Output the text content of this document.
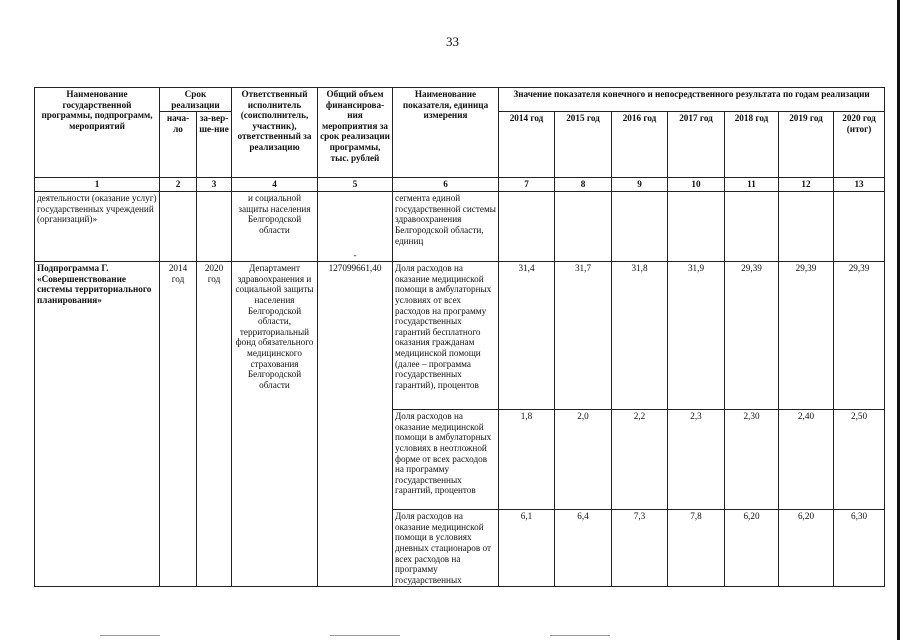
33
Наименование государственной программы, подпрограмм, мероприятий	Срок реализации		Ответственный исполнитель (соисполнитель, участник), ответственный за реализацию	Общий объем финансирова-ния мероприятия за срок реализации программы, тыс. рублей	Наименование показателя, единица измерения	Значение показателя конечного и непосредственного результата по годам реализации						
	нача-ло	за-вер-ше-ние				2014 год	2015 год	2016 год	2017 год	2018 год	2019 год	2020 год (итог)
1	2	3	4	5	6	7	8	9	10	11	12	13
деятельности (оказание услуг) государственных учреждений (организаций)»			и социальной защиты населения Белгородской области	-	сегмента единой государственной системы здравоохранения Белгородской области, единиц							
Подпрограмма Г. «Совершенствование системы территориального планирования»	2014 год	2020 год	Департамент здравоохранения и социальной защиты населения Белгородской области, территориальный фонд обязательного медицинского страхования Белгородской области	127099661,40	Доля расходов на оказание медицинской помощи в амбулаторных условиях от всех расходов на программу государственных гарантий бесплатного оказания гражданам медицинской помощи (далее – программа государственных гарантий), процентов	31,4	31,7	31,8	31,9	29,39	29,39	29,39
					Доля расходов на оказание медицинской помощи в амбулаторных условиях в неотложной форме от всех расходов на программу государственных гарантий, процентов	1,8	2,0	2,2	2,3	2,30	2,40	2,50
					Доля расходов на оказание медицинской помощи в условиях дневных стационаров от всех расходов на программу государственных	6,1	6,4	7,3	7,8	6,20	6,20	6,30
